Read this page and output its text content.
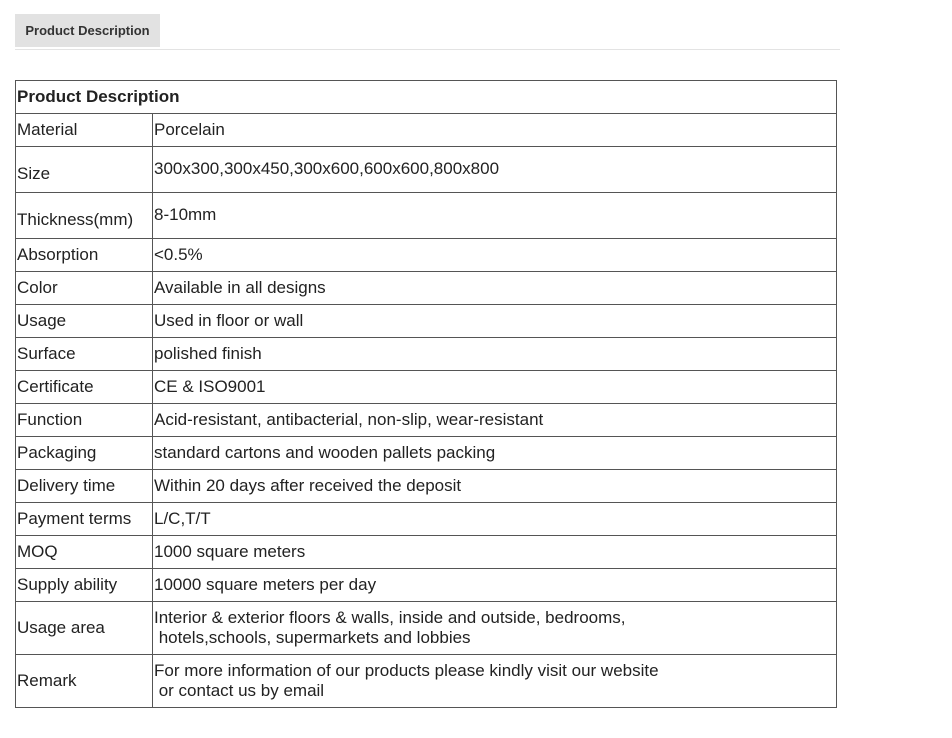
Product Description
Product Description	
Material	Porcelain
Size	300x300,300x450,300x600,600x600,800x800
Thickness(mm)	8-10mm
Absorption	<0.5%
Color	Available in all designs
Usage	Used in floor or wall
Surface	polished finish
Certificate	CE & ISO9001
Function	Acid-resistant, antibacterial, non-slip, wear-resistant
Packaging	standard cartons and wooden pallets packing
Delivery time	Within 20 days after received the deposit
Payment terms	L/C,T/T
MOQ	1000 square meters
Supply ability	10000 square meters per day
Usage area	Interior & exterior floors & walls, inside and outside, bedrooms,
hotels,schools, supermarkets and lobbies

Remark	For more information of our products please kindly visit our website
or contact us by email
